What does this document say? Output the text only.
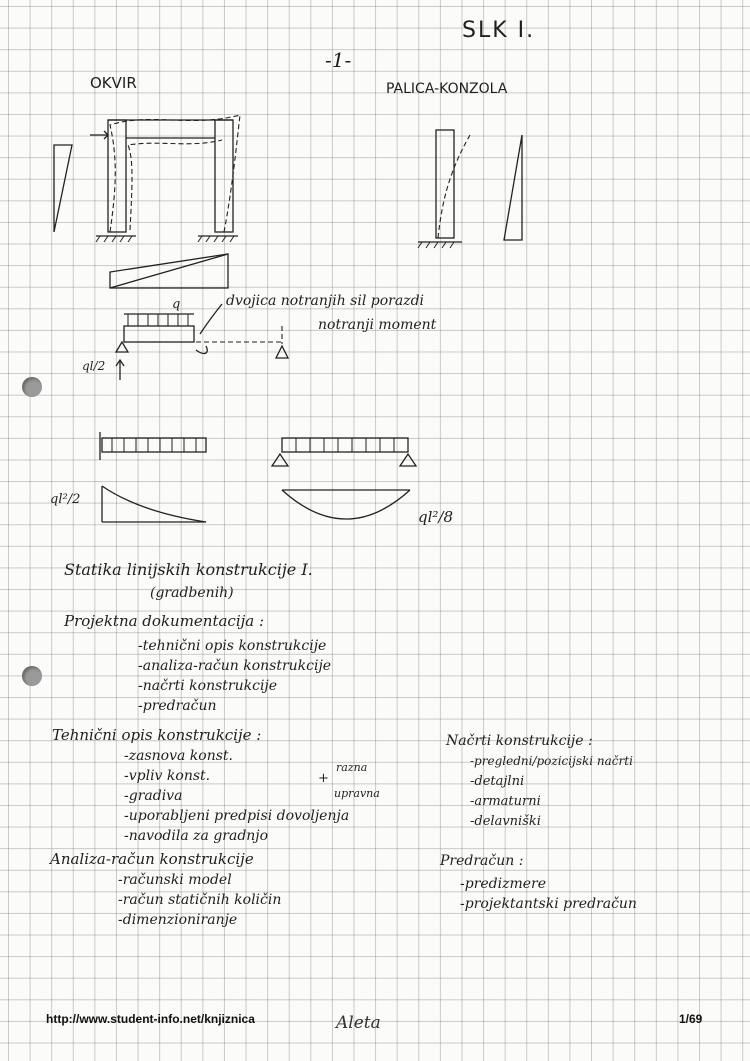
SLK I.
-1-
OKVIR	PALICA-KONZOLA
q	dvojica notranjih sil porazdi
notranji moment
ql/2
ql²/2
ql²/8
Statika linijskih konstrukcije I.
(gradbenih)
Projektna dokumentacija :
-tehnični opis konstrukcije
-analiza-račun konstrukcije
-načrti konstrukcije
-predračun
Tehnični opis konstrukcije :
-zasnova konst.
-vpliv konst.
-gradiva
-uporabljeni predpisi dovoljenja
-navodila za gradnjo
+
razna
upravna
Načrti konstrukcije :
-pregledni/pozicijski načrti
-detajlni
-armaturni
-delavniški
Analiza-račun konstrukcije
-računski model
-račun statičnih količin
-dimenzioniranje
Predračun :
-predizmere
-projektantski predračun
http://www.student-info.net/knjiznica	Aleta	1/69
